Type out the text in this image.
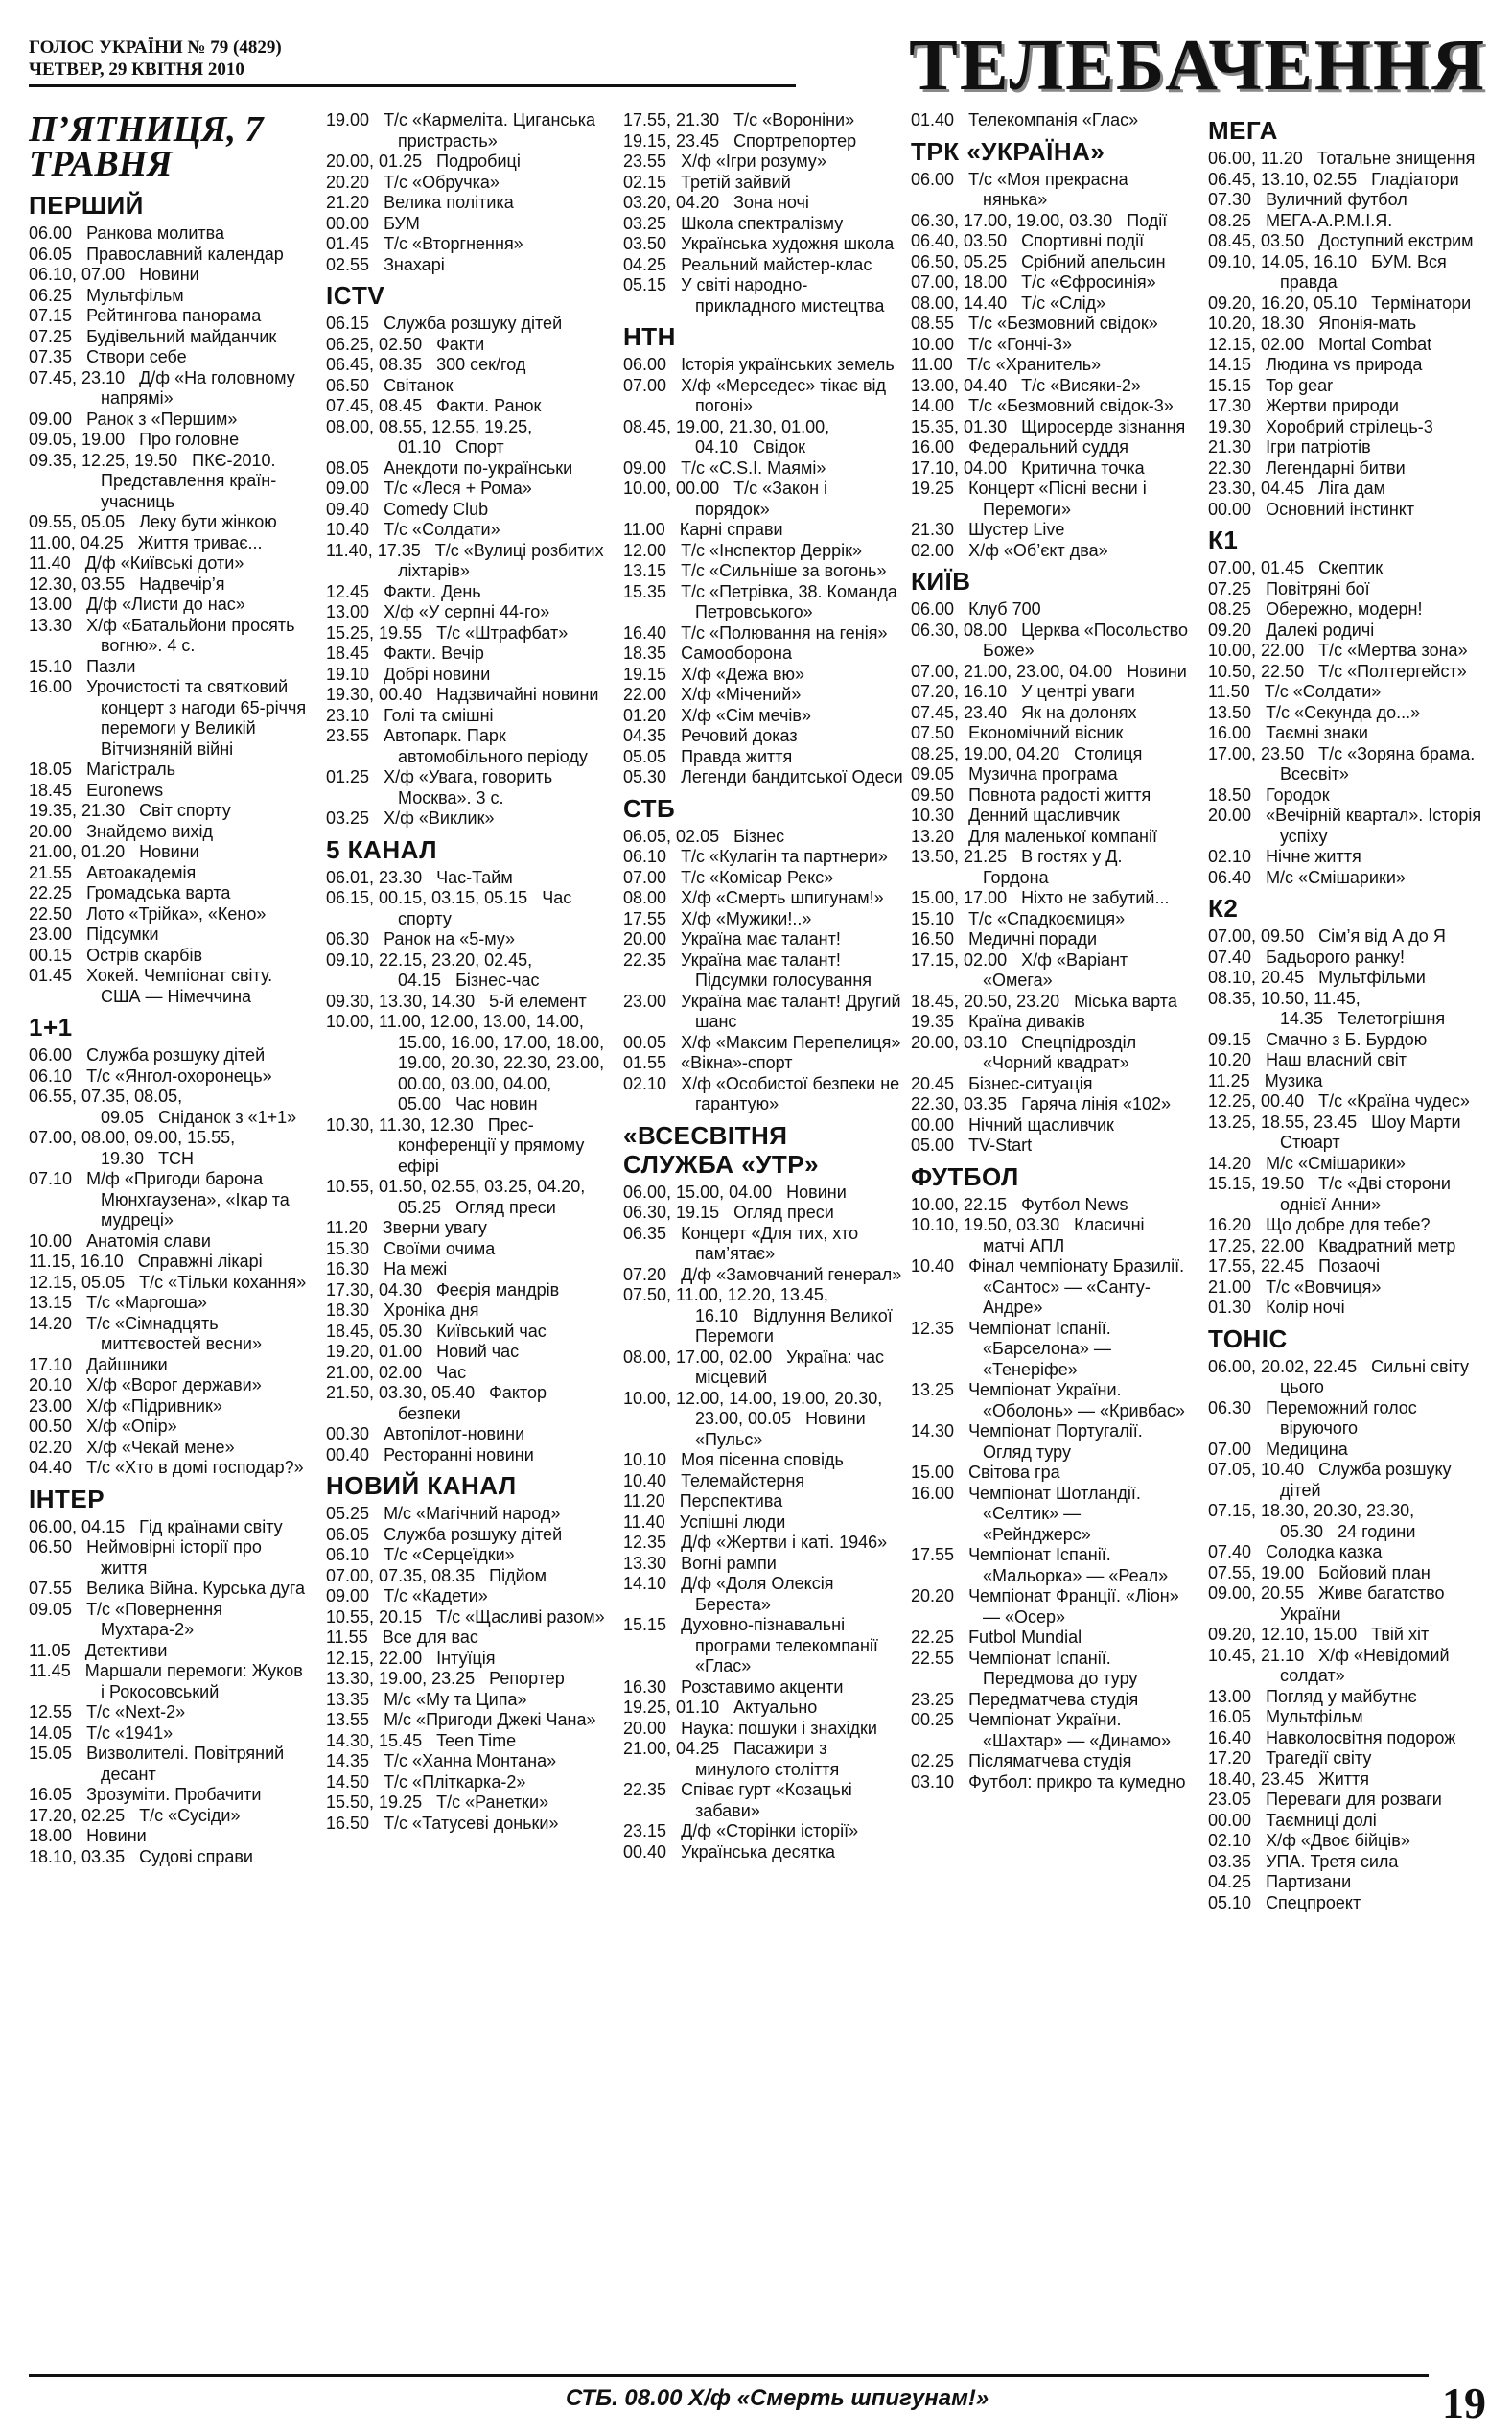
ГОЛОС УКРАЇНИ № 79 (4829)
ЧЕТВЕР, 29 КВІТНЯ 2010	ТЕЛЕБАЧЕННЯ
П’ЯТНИЦЯ, 7 ТРАВНЯ
ПЕРШИЙ
06.00 Ранкова молитва
06.05 Православний календар
06.10, 07.00 Новини
06.25 Мультфільм
07.15 Рейтингова панорама
07.25 Будівельний майданчик
07.35 Створи себе
07.45, 23.10 Д/ф «На головному напрямі»
09.00 Ранок з «Першим»
09.05, 19.00 Про головне
09.35, 12.25, 19.50 ПКЄ-2010. Представлення країн-учасниць
09.55, 05.05 Леку бути жінкою
11.00, 04.25 Життя триває...
11.40 Д/ф «Київські доти»
12.30, 03.55 Надвечір’я
13.00 Д/ф «Листи до нас»
13.30 Х/ф «Батальйони просять вогню». 4 с.
15.10 Пазли
16.00 Урочистості та святковий концерт з нагоди 65-річчя перемоги у Великій Вітчизняній війні
18.05 Магістраль
18.45 Euronews
19.35, 21.30 Світ спорту
20.00 Знайдемо вихід
21.00, 01.20 Новини
21.55 Автоакадемія
22.25 Громадська варта
22.50 Лото «Трійка», «Кено»
23.00 Підсумки
00.15 Острів скарбів
01.45 Хокей. Чемпіонат світу. США — Німеччина
1+1
06.00 Служба розшуку дітей
06.10 Т/с «Янгол-охоронець»
06.55, 07.35, 08.05, 09.05 Сніданок з «1+1»
07.00, 08.00, 09.00, 15.55, 19.30 ТСН
07.10 М/ф «Пригоди барона Мюнхгаузена», «Ікар та мудреці»
10.00 Анатомія слави
11.15, 16.10 Справжні лікарі
12.15, 05.05 Т/с «Тільки кохання»
13.15 Т/с «Маргоша»
14.20 Т/с «Сімнадцять миттєвостей весни»
17.10 Дайшники
20.10 Х/ф «Ворог держави»
23.00 Х/ф «Підривник»
00.50 Х/ф «Опір»
02.20 Х/ф «Чекай мене»
04.40 Т/с «Хто в домі господар?»
ІНТЕР
06.00, 04.15 Гід країнами світу
06.50 Неймовірні історії про життя
07.55 Велика Війна. Курська дуга
09.05 Т/с «Повернення Мухтара-2»
11.05 Детективи
11.45 Маршали перемоги: Жуков і Рокосовський
12.55 Т/с «Next-2»
14.05 Т/с «1941»
15.05 Визволителі. Повітряний десант
16.05 Зрозуміти. Пробачити
17.20, 02.25 Т/с «Сусіди»
18.00 Новини
18.10, 03.35 Судові справи
19.00 Т/с «Кармеліта. Циганська пристрасть»
20.00, 01.25 Подробиці
20.20 Т/с «Обручка»
21.20 Велика політика
00.00 БУМ
01.45 Т/с «Вторгнення»
02.55 Знахарі
ICTV
06.15 Служба розшуку дітей
06.25, 02.50 Факти
06.45, 08.35 300 сек/год
06.50 Світанок
07.45, 08.45 Факти. Ранок
08.00, 08.55, 12.55, 19.25, 01.10 Спорт
08.05 Анекдоти по-українськи
09.00 Т/с «Леся + Рома»
09.40 Comedy Club
10.40 Т/с «Солдати»
11.40, 17.35 Т/с «Вулиці розбитих ліхтарів»
12.45 Факти. День
13.00 Х/ф «У серпні 44-го»
15.25, 19.55 Т/с «Штрафбат»
18.45 Факти. Вечір
19.10 Добрі новини
19.30, 00.40 Надзвичайні новини
23.10 Голі та смішні
23.55 Автопарк. Парк автомобільного періоду
01.25 Х/ф «Увага, говорить Москва». 3 с.
03.25 Х/ф «Виклик»
5 КАНАЛ
06.01, 23.30 Час-Тайм
06.15, 00.15, 03.15, 05.15 Час спорту
06.30 Ранок на «5-му»
09.10, 22.15, 23.20, 02.45, 04.15 Бізнес-час
09.30, 13.30, 14.30 5-й елемент
10.00, 11.00, 12.00, 13.00, 14.00, 15.00, 16.00, 17.00, 18.00, 19.00, 20.30, 22.30, 23.00, 00.00, 03.00, 04.00, 05.00 Час новин
10.30, 11.30, 12.30 Прес-конференції у прямому ефірі
10.55, 01.50, 02.55, 03.25, 04.20, 05.25 Огляд преси
11.20 Зверни увагу
15.30 Своїми очима
16.30 На межі
17.30, 04.30 Феєрія мандрів
18.30 Хроніка дня
18.45, 05.30 Київський час
19.20, 01.00 Новий час
21.00, 02.00 Час
21.50, 03.30, 05.40 Фактор безпеки
00.30 Автопілот-новини
00.40 Ресторанні новини
НОВИЙ КАНАЛ
05.25 М/с «Магічний народ»
06.05 Служба розшуку дітей
06.10 Т/с «Серцеїдки»
07.00, 07.35, 08.35 Підйом
09.00 Т/с «Кадети»
10.55, 20.15 Т/с «Щасливі разом»
11.55 Все для вас
12.15, 22.00 Інтуїція
13.30, 19.00, 23.25 Репортер
13.35 М/с «Му та Ципа»
13.55 М/с «Пригоди Джекі Чана»
14.30, 15.45 Teen Time
14.35 Т/с «Ханна Монтана»
14.50 Т/с «Пліткарка-2»
15.50, 19.25 Т/с «Ранетки»
16.50 Т/с «Татусеві доньки»
17.55, 21.30 Т/с «Вороніни»
19.15, 23.45 Спортрепортер
23.55 Х/ф «Ігри розуму»
02.15 Третій зайвий
03.20, 04.20 Зона ночі
03.25 Школа спектралізму
03.50 Українська художня школа
04.25 Реальний майстер-клас
05.15 У світі народно-прикладного мистецтва
НТН
06.00 Історія українських земель
07.00 Х/ф «Мерседес» тікає від погоні»
08.45, 19.00, 21.30, 01.00, 04.10 Свідок
09.00 Т/с «C.S.I. Маямі»
10.00, 00.00 Т/с «Закон і порядок»
11.00 Карні справи
12.00 Т/с «Інспектор Деррік»
13.15 Т/с «Сильніше за вогонь»
15.35 Т/с «Петрівка, 38. Команда Петровського»
16.40 Т/с «Полювання на генія»
18.35 Самооборона
19.15 Х/ф «Дежа вю»
22.00 Х/ф «Мічений»
01.20 Х/ф «Сім мечів»
04.35 Речовий доказ
05.05 Правда життя
05.30 Легенди бандитської Одеси
СТБ
06.05, 02.05 Бізнес
06.10 Т/с «Кулагін та партнери»
07.00 Т/с «Комісар Рекс»
08.00 Х/ф «Смерть шпигунам!»
17.55 Х/ф «Мужики!..»
20.00 Україна має талант!
22.35 Україна має талант! Підсумки голосування
23.00 Україна має талант! Другий шанс
00.05 Х/ф «Максим Перепелиця»
01.55 «Вікна»-спорт
02.10 Х/ф «Особистої безпеки не гарантую»
«ВСЕСВІТНЯ СЛУЖБА «УТР»
06.00, 15.00, 04.00 Новини
06.30, 19.15 Огляд преси
06.35 Концерт «Для тих, хто пам’ятає»
07.20 Д/ф «Замовчаний генерал»
07.50, 11.00, 12.20, 13.45, 16.10 Відлуння Великої Перемоги
08.00, 17.00, 02.00 Україна: час місцевий
10.00, 12.00, 14.00, 19.00, 20.30, 23.00, 00.05 Новини «Пульс»
10.10 Моя пісенна сповідь
10.40 Телемайстерня
11.20 Перспектива
11.40 Успішні люди
12.35 Д/ф «Жертви і каті. 1946»
13.30 Вогні рампи
14.10 Д/ф «Доля Олексія Береста»
15.15 Духовно-пізнавальні програми телекомпанії «Глас»
16.30 Розставимо акценти
19.25, 01.10 Актуально
20.00 Наука: пошуки і знахідки
21.00, 04.25 Пасажири з минулого століття
22.35 Співає гурт «Козацькі забави»
23.15 Д/ф «Сторінки історії»
00.40 Українська десятка
01.40 Телекомпанія «Глас»
ТРК «УКРАЇНА»
06.00 Т/с «Моя прекрасна нянька»
06.30, 17.00, 19.00, 03.30 Події
06.40, 03.50 Спортивні події
06.50, 05.25 Срібний апельсин
07.00, 18.00 Т/с «Єфросинія»
08.00, 14.40 Т/с «Слід»
08.55 Т/с «Безмовний свідок»
10.00 Т/с «Гончі-3»
11.00 Т/с «Хранитель»
13.00, 04.40 Т/с «Висяки-2»
14.00 Т/с «Безмовний свідок-3»
15.35, 01.30 Щиросерде зізнання
16.00 Федеральний суддя
17.10, 04.00 Критична точка
19.25 Концерт «Пісні весни і Перемоги»
21.30 Шустер Live
02.00 Х/ф «Об’єкт два»
КИЇВ
06.00 Клуб 700
06.30, 08.00 Церква «Посольство Боже»
07.00, 21.00, 23.00, 04.00 Новини
07.20, 16.10 У центрі уваги
07.45, 23.40 Як на долонях
07.50 Економічний вісник
08.25, 19.00, 04.20 Столиця
09.05 Музична програма
09.50 Повнота радості життя
10.30 Денний щасливчик
13.20 Для маленької компанії
13.50, 21.25 В гостях у Д. Гордона
15.00, 17.00 Ніхто не забутий...
15.10 Т/с «Спадкоємиця»
16.50 Медичні поради
17.15, 02.00 Х/ф «Варіант «Омега»
18.45, 20.50, 23.20 Міська варта
19.35 Країна диваків
20.00, 03.10 Спецпідрозділ «Чорний квадрат»
20.45 Бізнес-ситуація
22.30, 03.35 Гаряча лінія «102»
00.00 Нічний щасливчик
05.00 TV-Start
ФУТБОЛ
10.00, 22.15 Футбол News
10.10, 19.50, 03.30 Класичні матчі АПЛ
10.40 Фінал чемпіонату Бразилії. «Сантос» — «Санту-Андре»
12.35 Чемпіонат Іспанії. «Барселона» — «Тенеріфе»
13.25 Чемпіонат України. «Оболонь» — «Кривбас»
14.30 Чемпіонат Португалії. Огляд туру
15.00 Світова гра
16.00 Чемпіонат Шотландії. «Селтик» — «Рейнджерс»
17.55 Чемпіонат Іспанії. «Мальорка» — «Реал»
20.20 Чемпіонат Франції. «Ліон» — «Осер»
22.25 Futbol Mundial
22.55 Чемпіонат Іспанії. Передмова до туру
23.25 Передматчева студія
00.25 Чемпіонат України. «Шахтар» — «Динамо»
02.25 Післяматчева студія
03.10 Футбол: прикро та кумедно
МЕГА
06.00, 11.20 Тотальне знищення
06.45, 13.10, 02.55 Гладіатори
07.30 Вуличний футбол
08.25 МЕГА-А.Р.М.І.Я.
08.45, 03.50 Доступний екстрим
09.10, 14.05, 16.10 БУМ. Вся правда
09.20, 16.20, 05.10 Термінатори
10.20, 18.30 Японія-мать
12.15, 02.00 Mortal Combat
14.15 Людина vs природа
15.15 Top gear
17.30 Жертви природи
19.30 Хоробрий стрілець-3
21.30 Ігри патріотів
22.30 Легендарні битви
23.30, 04.45 Ліга дам
00.00 Основний інстинкт
К1
07.00, 01.45 Скептик
07.25 Повітряні бої
08.25 Обережно, модерн!
09.20 Далекі родичі
10.00, 22.00 Т/с «Мертва зона»
10.50, 22.50 Т/с «Полтергейст»
11.50 Т/с «Солдати»
13.50 Т/с «Секунда до...»
16.00 Таємні знаки
17.00, 23.50 Т/с «Зоряна брама. Всесвіт»
18.50 Городок
20.00 «Вечірній квартал». Історія успіху
02.10 Нічне життя
06.40 М/с «Смішарики»
К2
07.00, 09.50 Сім’я від А до Я
07.40 Бадьорого ранку!
08.10, 20.45 Мультфільми
08.35, 10.50, 11.45, 14.35 Телетогрішня
09.15 Смачно з Б. Бурдою
10.20 Наш власний світ
11.25 Музика
12.25, 00.40 Т/с «Країна чудес»
13.25, 18.55, 23.45 Шоу Марти Стюарт
14.20 М/с «Смішарики»
15.15, 19.50 Т/с «Дві сторони однієї Анни»
16.20 Що добре для тебе?
17.25, 22.00 Квадратний метр
17.55, 22.45 Позаочі
21.00 Т/с «Вовчиця»
01.30 Колір ночі
ТОНІС
06.00, 20.02, 22.45 Сильні світу цього
06.30 Переможний голос віруючого
07.00 Медицина
07.05, 10.40 Служба розшуку дітей
07.15, 18.30, 20.30, 23.30, 05.30 24 години
07.40 Солодка казка
07.55, 19.00 Бойовий план
09.00, 20.55 Живе багатство України
09.20, 12.10, 15.00 Твій хіт
10.45, 21.10 Х/ф «Невідомий солдат»
13.00 Погляд у майбутнє
16.05 Мультфільм
16.40 Навколосвітня подорож
17.20 Трагедії світу
18.40, 23.45 Життя
23.05 Переваги для розваги
00.00 Таємниці долі
02.10 Х/ф «Двоє бійців»
03.35 УПА. Третя сила
04.25 Партизани
05.10 Спецпроект
СТБ. 08.00 Х/ф «Смерть шпигунам!»	19
